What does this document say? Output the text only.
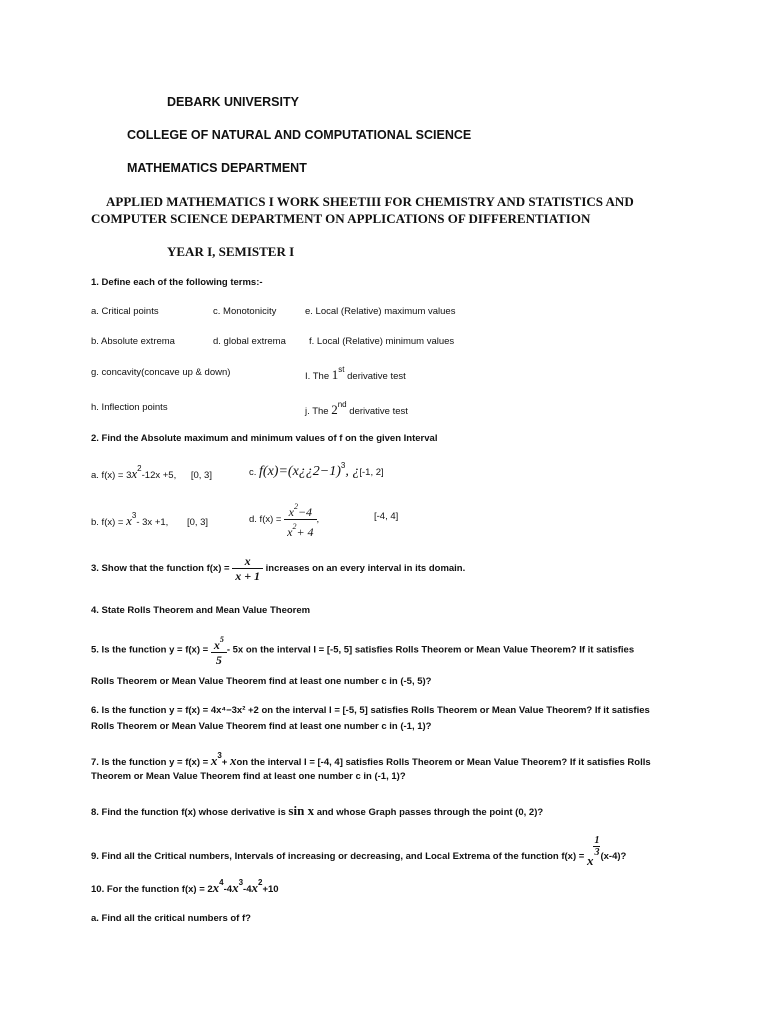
DEBARK UNIVERSITY
COLLEGE OF NATURAL AND COMPUTATIONAL SCIENCE
MATHEMATICS DEPARTMENT
APPLIED MATHEMATICS I WORK SHEETIII FOR CHEMISTRY AND STATISTICS AND
COMPUTER SCIENCE DEPARTMENT ON APPLICATIONS OF DIFFERENTIATION
YEAR I, SEMISTER I
1. Define each of the following terms:-
a. Critical points	c. Monotonicity	e. Local (Relative) maximum values
b. Absolute extrema	d. global extrema f. Local (Relative) minimum values
g. concavity(concave up & down)	I. The 1st derivative test
h. Inflection points	j. The 2nd derivative test
2. Find the Absolute maximum and minimum values of f on the given Interval
a. $f(x) = 3x^2-12x +5$, [0, 3]	c. f(x)=(x¿¿2−1)$^3$, ¿[-1, 2]
b. $f(x) = x^3-$ 3x +1, [0, 3]	d. $f(x) = \frac{x^2-4}{x^2+ 4}$ ,	[-4, 4]
3. Show that the function $f(x) = \frac{x}{x + 1}$ increases on an every interval in its domain.
4. State Rolls Theorem and Mean Value Theorem
5. Is the function $y = f(x) = \frac{x^5}{5} - 5x$ on the interval I = [-5, 5] satisfies Rolls Theorem or Mean Value Theorem? If it satisfies
Rolls Theorem or Mean Value Theorem find at least one number c in (-5, 5)?
6. Is the function y = f(x) = 4x⁴−3x² +2 on the interval I = [-5, 5] satisfies Rolls Theorem or Mean Value Theorem? If it satisfies
Rolls Theorem or Mean Value Theorem find at least one number c in (-1, 1)?
7. Is the function $y = f(x) = x^3+$ xon the interval I = [-4, 4] satisfies Rolls Theorem or Mean Value Theorem? If it satisfies Rolls
Theorem or Mean Value Theorem find at least one number c in (-1, 1)?
8. Find the function f(x) whose derivative is sin x and whose Graph passes through the point (0, 2)?
9. Find all the Critical numbers, Intervals of increasing or decreasing, and Local Extrema of the function f(x) = x
$\frac{1}{3} (x-4)$?
10. For the function $f(x) = 2x^4-4x^3-4x^2+10$
a. Find all the critical numbers of f?
